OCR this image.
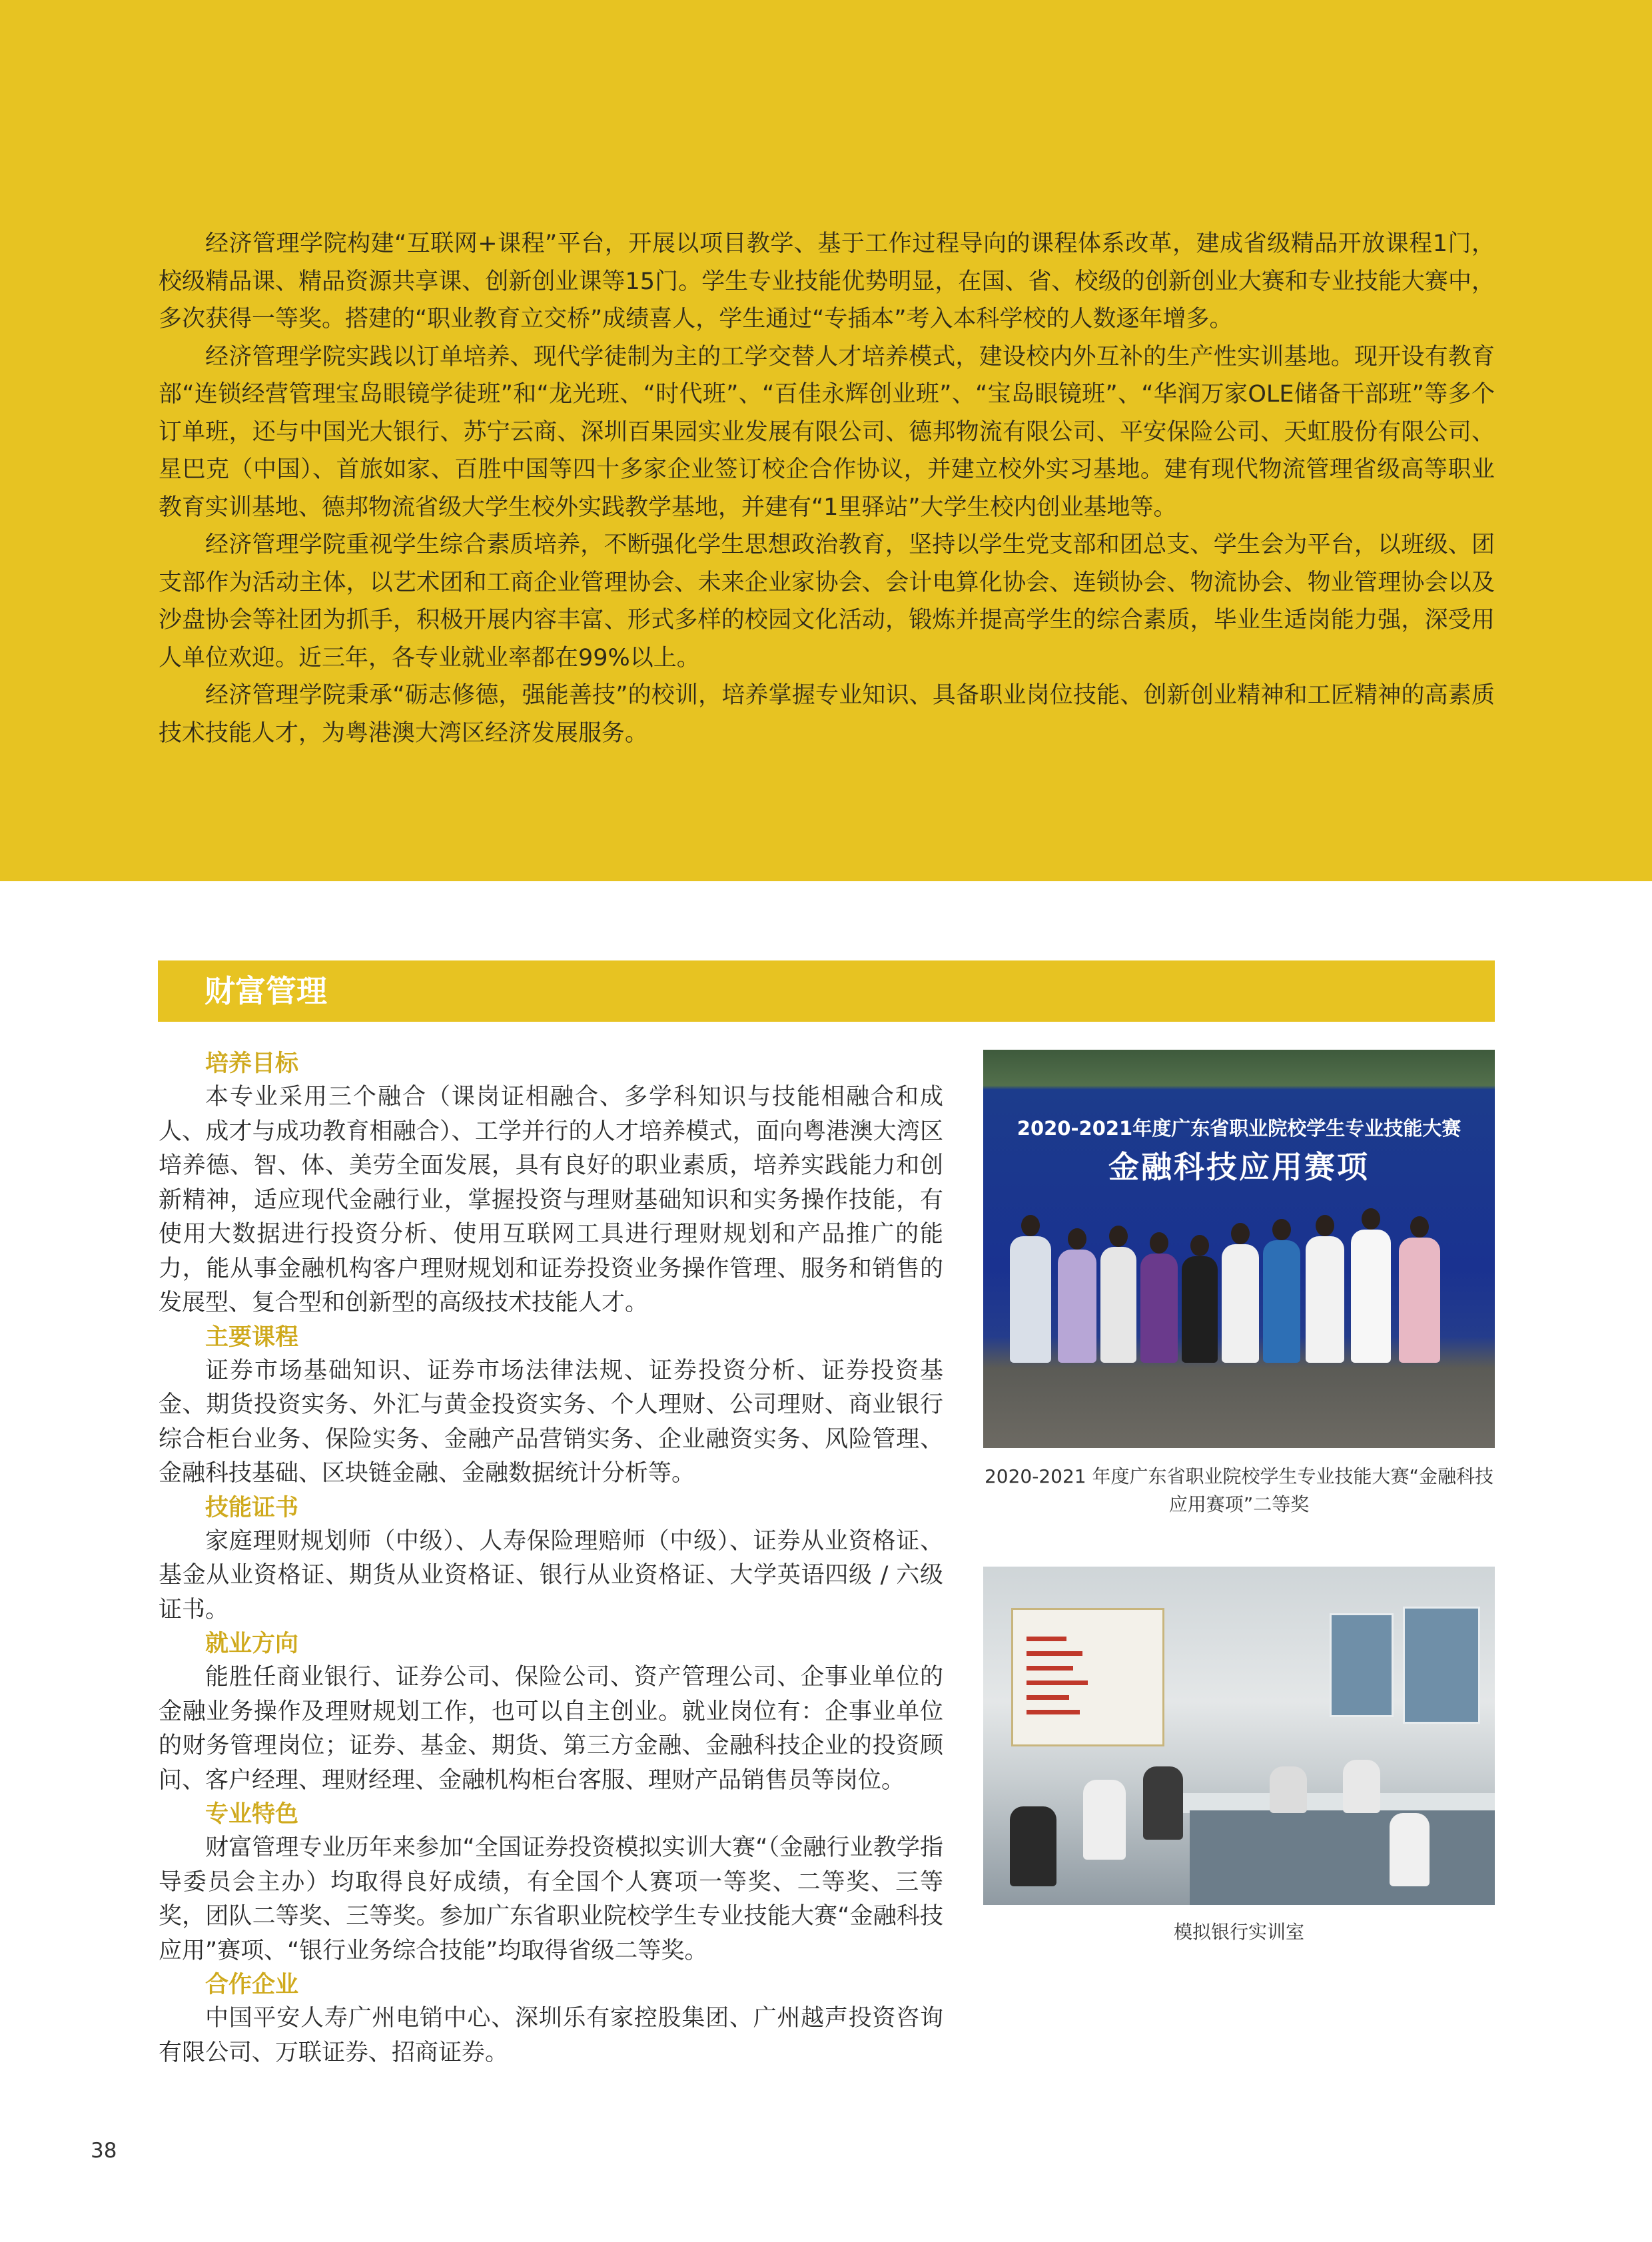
经济管理学院构建“互联网+课程”平台，开展以项目教学、基于工作过程导向的课程体系改革，建成省级精品开放课程1门，校级精品课、精品资源共享课、创新创业课等15门。学生专业技能优势明显，在国、省、校级的创新创业大赛和专业技能大赛中，多次获得一等奖。搭建的“职业教育立交桥”成绩喜人，学生通过“专插本”考入本科学校的人数逐年增多。

经济管理学院实践以订单培养、现代学徒制为主的工学交替人才培养模式，建设校内外互补的生产性实训基地。现开设有教育部“连锁经营管理宝岛眼镜学徒班”和“龙光班、“时代班”、“百佳永辉创业班”、“宝岛眼镜班”、“华润万家OLE储备干部班”等多个订单班，还与中国光大银行、苏宁云商、深圳百果园实业发展有限公司、德邦物流有限公司、平安保险公司、天虹股份有限公司、星巴克（中国）、首旅如家、百胜中国等四十多家企业签订校企合作协议，并建立校外实习基地。建有现代物流管理省级高等职业教育实训基地、德邦物流省级大学生校外实践教学基地，并建有“1里驿站”大学生校内创业基地等。

经济管理学院重视学生综合素质培养，不断强化学生思想政治教育，坚持以学生党支部和团总支、学生会为平台，以班级、团支部作为活动主体，以艺术团和工商企业管理协会、未来企业家协会、会计电算化协会、连锁协会、物流协会、物业管理协会以及沙盘协会等社团为抓手，积极开展内容丰富、形式多样的校园文化活动，锻炼并提高学生的综合素质，毕业生适岗能力强，深受用人单位欢迎。近三年，各专业就业率都在99%以上。

经济管理学院秉承“砺志修德，强能善技”的校训，培养掌握专业知识、具备职业岗位技能、创新创业精神和工匠精神的高素质技术技能人才，为粤港澳大湾区经济发展服务。

财富管理
培养目标

本专业采用三个融合（课岗证相融合、多学科知识与技能相融合和成人、成才与成功教育相融合）、工学并行的人才培养模式，面向粤港澳大湾区培养德、智、体、美劳全面发展，具有良好的职业素质，培养实践能力和创新精神，适应现代金融行业，掌握投资与理财基础知识和实务操作技能，有使用大数据进行投资分析、使用互联网工具进行理财规划和产品推广的能力，能从事金融机构客户理财规划和证券投资业务操作管理、服务和销售的发展型、复合型和创新型的高级技术技能人才。

主要课程

证券市场基础知识、证券市场法律法规、证券投资分析、证券投资基金、期货投资实务、外汇与黄金投资实务、个人理财、公司理财、商业银行综合柜台业务、保险实务、金融产品营销实务、企业融资实务、风险管理、金融科技基础、区块链金融、金融数据统计分析等。

技能证书

家庭理财规划师（中级）、人寿保险理赔师（中级）、证券从业资格证、基金从业资格证、期货从业资格证、银行从业资格证、大学英语四级 / 六级证书。

就业方向

能胜任商业银行、证券公司、保险公司、资产管理公司、企事业单位的金融业务操作及理财规划工作，也可以自主创业。就业岗位有：企事业单位的财务管理岗位；证券、基金、期货、第三方金融、金融科技企业的投资顾问、客户经理、理财经理、金融机构柜台客服、理财产品销售员等岗位。

专业特色

财富管理专业历年来参加“全国证券投资模拟实训大赛“（金融行业教学指导委员会主办）均取得良好成绩，有全国个人赛项一等奖、二等奖、三等奖，团队二等奖、三等奖。参加广东省职业院校学生专业技能大赛“金融科技应用”赛项、“银行业务综合技能”均取得省级二等奖。

合作企业

中国平安人寿广州电销中心、深圳乐有家控股集团、广州越声投资咨询有限公司、万联证券、招商证券。

2020-2021年度广东省职业院校学生专业技能大赛
金融科技应用赛项
2020-2021 年度广东省职业院校学生专业技能大赛“金融科技应用赛项”二等奖
模拟银行实训室
38
